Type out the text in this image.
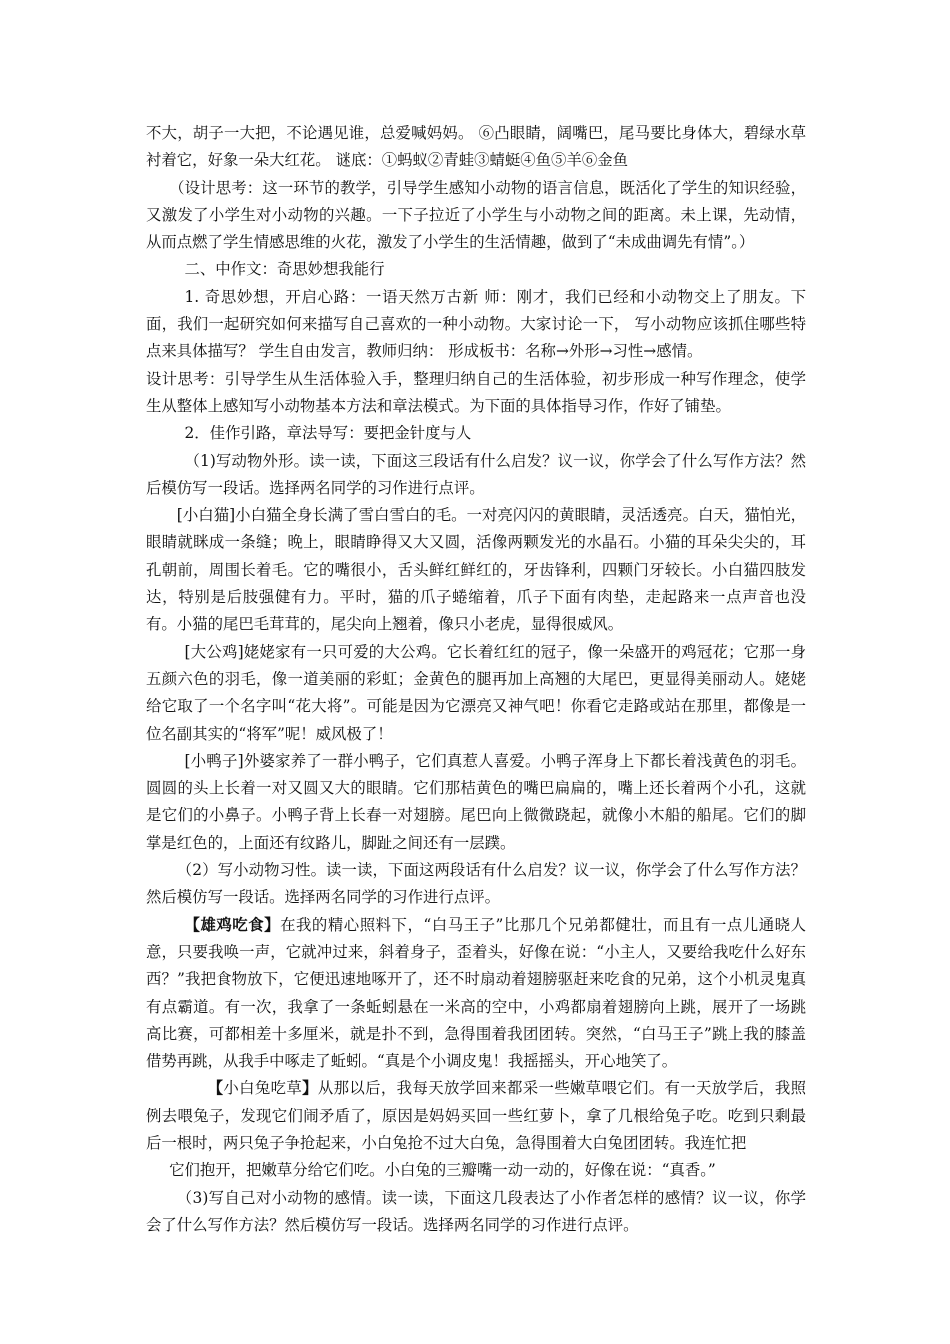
不大，胡子一大把，不论遇见谁，总爱喊妈妈。 ⑥凸眼睛，阔嘴巴，尾马要比身体大，碧绿水草衬着它，好象一朵大红花。 谜底：①蚂蚁②青蛙③蜻蜓④鱼⑤羊⑥金鱼

（设计思考：这一环节的教学，引导学生感知小动物的语言信息，既活化了学生的知识经验，又激发了小学生对小动物的兴趣。一下子拉近了小学生与小动物之间的距离。未上课，先动情，从而点燃了学生情感思维的火花，激发了小学生的生活情趣，做到了“未成曲调先有情”。）

二、中作文：奇思妙想我能行

1. 奇思妙想，开启心路：一语天然万古新 师：刚才，我们已经和小动物交上了朋友。下面，我们一起研究如何来描写自己喜欢的一种小动物。大家讨论一下， 写小动物应该抓住哪些特点来具体描写？ 学生自由发言，教师归纳： 形成板书：名称→外形→习性→感情。

设计思考：引导学生从生活体验入手，整理归纳自己的生活体验，初步形成一种写作理念，使学生从整体上感知写小动物基本方法和章法模式。为下面的具体指导习作，作好了铺垫。

2．佳作引路，章法导写：要把金针度与人

（1)写动物外形。读一读，下面这三段话有什么启发？议一议，你学会了什么写作方法？然后模仿写一段话。选择两名同学的习作进行点评。

[小白猫]小白猫全身长满了雪白雪白的毛。一对亮闪闪的黄眼睛，灵活透亮。白天，猫怕光，眼睛就眯成一条缝；晚上，眼睛睁得又大又圆，活像两颗发光的水晶石。小猫的耳朵尖尖的，耳孔朝前，周围长着毛。它的嘴很小，舌头鲜红鲜红的，牙齿锋利，四颗门牙较长。小白猫四肢发达，特别是后肢强健有力。平时，猫的爪子蜷缩着，爪子下面有肉垫，走起路来一点声音也没有。小猫的尾巴毛茸茸的，尾尖向上翘着，像只小老虎，显得很威风。

[大公鸡]姥姥家有一只可爱的大公鸡。它长着红红的冠子，像一朵盛开的鸡冠花；它那一身五颜六色的羽毛，像一道美丽的彩虹；金黄色的腿再加上高翘的大尾巴，更显得美丽动人。姥姥给它取了一个名字叫“花大将”。可能是因为它漂亮又神气吧！你看它走路或站在那里，都像是一位名副其实的“将军”呢！威风极了！

[小鸭子]外婆家养了一群小鸭子，它们真惹人喜爱。小鸭子浑身上下都长着浅黄色的羽毛。圆圆的头上长着一对又圆又大的眼睛。它们那桔黄色的嘴巴扁扁的，嘴上还长着两个小孔，这就是它们的小鼻子。小鸭子背上长春一对翅膀。尾巴向上微微跷起，就像小木船的船尾。它们的脚掌是红色的，上面还有纹路儿，脚趾之间还有一层蹼。

（2）写小动物习性。读一读，下面这两段话有什么启发？议一议，你学会了什么写作方法？然后模仿写一段话。选择两名同学的习作进行点评。

【雄鸡吃食】在我的精心照料下，“白马王子”比那几个兄弟都健壮，而且有一点儿通晓人意，只要我唤一声，它就冲过来，斜着身子，歪着头，好像在说：“小主人，又要给我吃什么好东西？”我把食物放下，它便迅速地啄开了，还不时扇动着翅膀驱赶来吃食的兄弟，这个小机灵鬼真有点霸道。有一次，我拿了一条蚯蚓悬在一米高的空中，小鸡都扇着翅膀向上跳，展开了一场跳高比赛，可都相差十多厘米，就是扑不到，急得围着我团团转。突然，“白马王子”跳上我的膝盖借势再跳，从我手中啄走了蚯蚓。“真是个小调皮鬼！我摇摇头，开心地笑了。

【小白兔吃草】从那以后，我每天放学回来都采一些嫩草喂它们。有一天放学后，我照例去喂兔子，发现它们闹矛盾了，原因是妈妈买回一些红萝卜，拿了几根给兔子吃。吃到只剩最后一根时，两只兔子争抢起来，小白兔抢不过大白兔，急得围着大白兔团团转。我连忙把

它们抱开，把嫩草分给它们吃。小白兔的三瓣嘴一动一动的，好像在说：“真香。”

（3)写自己对小动物的感情。读一读，下面这几段表达了小作者怎样的感情？议一议，你学会了什么写作方法？然后模仿写一段话。选择两名同学的习作进行点评。
